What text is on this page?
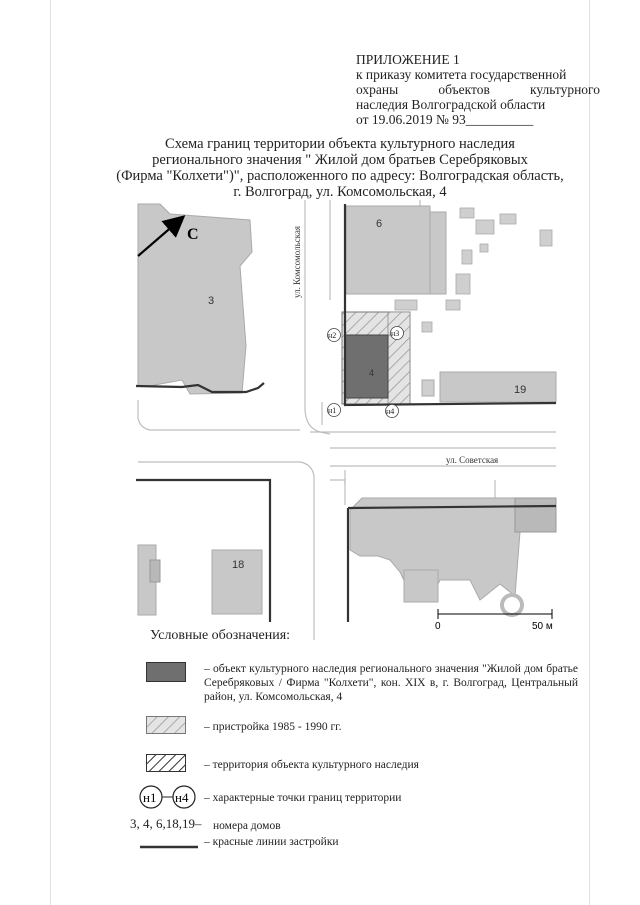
ПРИЛОЖЕНИЕ 1
к приказу комитета государственной
охраны объектов культурного
наследия Волгоградской области
от 19.06.2019 № 93__________
Схема границ территории объекта культурного наследия
регионального значения " Жилой дом братьев Серебряковых
(Фирма "Колхети")", расположенного по адресу: Волгоградская область,
г. Волгоград, ул. Комсомольская, 4
С	ул. Комсомольская
ул. Советская
3
4
6
18
19
н2	н3
н1	н4
0	50 м
Условные обозначения:
– объект культурного наследия регионального значения "Жилой дом братье Серебряковых / Фирма "Колхети", кон. XIX в, г. Волгоград, Центральный район, ул. Комсомольская, 4
– пристройка 1985 - 1990 гг.
– территория объекта культурного наследия
н1 н4 – характерные точки границ территории
3, 4, 6,18,19– номера домов
– красные линии застройки
